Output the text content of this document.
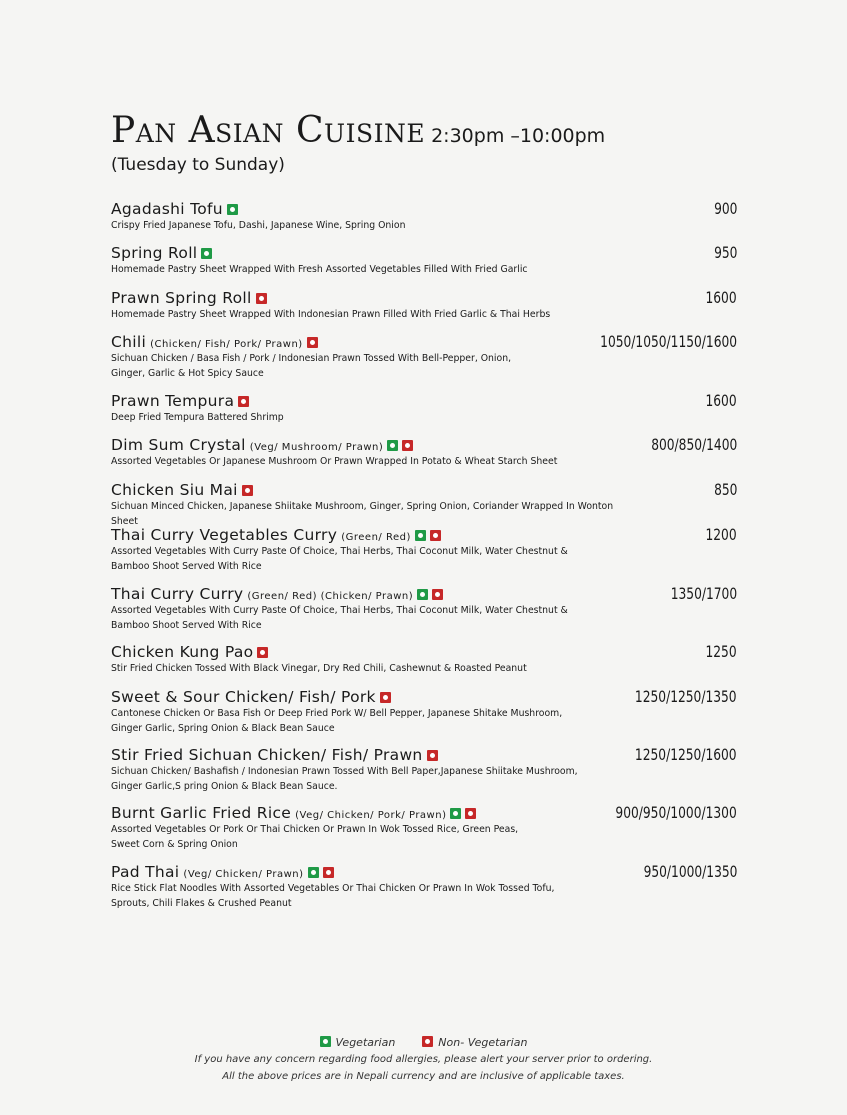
Pan Asian Cuisine 2:30pm –10:00pm
(Tuesday to Sunday)
Agadashi Tofu	900
Crispy Fried Japanese Tofu, Dashi, Japanese Wine, Spring Onion
Spring Roll	950
Homemade Pastry Sheet Wrapped With Fresh Assorted Vegetables Filled With Fried Garlic
Prawn Spring Roll	1600
Homemade Pastry Sheet Wrapped With Indonesian Prawn Filled With Fried Garlic & Thai Herbs
Chili (Chicken/ Fish/ Pork/ Prawn)	1050/1050/1150/1600
Sichuan Chicken / Basa Fish / Pork / Indonesian Prawn Tossed With Bell-Pepper, Onion,
Ginger, Garlic & Hot Spicy Sauce
Prawn Tempura	1600
Deep Fried Tempura Battered Shrimp
Dim Sum Crystal (Veg/ Mushroom/ Prawn)	800/850/1400
Assorted Vegetables Or Japanese Mushroom Or Prawn Wrapped In Potato & Wheat Starch Sheet
Chicken Siu Mai	850
Sichuan Minced Chicken, Japanese Shiitake Mushroom, Ginger, Spring Onion, Coriander Wrapped In Wonton Sheet
Thai Curry Vegetables Curry (Green/ Red)	1200
Assorted Vegetables With Curry Paste Of Choice, Thai Herbs, Thai Coconut Milk, Water Chestnut &
Bamboo Shoot Served With Rice
Thai Curry Curry (Green/ Red) (Chicken/ Prawn)	1350/1700
Assorted Vegetables With Curry Paste Of Choice, Thai Herbs, Thai Coconut Milk, Water Chestnut &
Bamboo Shoot Served With Rice
Chicken Kung Pao	1250
Stir Fried Chicken Tossed With Black Vinegar, Dry Red Chili, Cashewnut & Roasted Peanut
Sweet & Sour Chicken/ Fish/ Pork	1250/1250/1350
Cantonese Chicken Or Basa Fish Or Deep Fried Pork W/ Bell Pepper, Japanese Shitake Mushroom,
Ginger Garlic, Spring Onion & Black Bean Sauce
Stir Fried Sichuan Chicken/ Fish/ Prawn	1250/1250/1600
Sichuan Chicken/ Bashafish / Indonesian Prawn Tossed With Bell Paper,Japanese Shiitake Mushroom,
Ginger Garlic,S pring Onion & Black Bean Sauce.
Burnt Garlic Fried Rice (Veg/ Chicken/ Pork/ Prawn)	900/950/1000/1300
Assorted Vegetables Or Pork Or Thai Chicken Or Prawn In Wok Tossed Rice, Green Peas,
Sweet Corn & Spring Onion
Pad Thai (Veg/ Chicken/ Prawn)	950/1000/1350
Rice Stick Flat Noodles With Assorted Vegetables Or Thai Chicken Or Prawn In Wok Tossed Tofu,
Sprouts, Chili Flakes & Crushed Peanut
Vegetarian	Non- Vegetarian
If you have any concern regarding food allergies, please alert your server prior to ordering.
All the above prices are in Nepali currency and are inclusive of applicable taxes.
